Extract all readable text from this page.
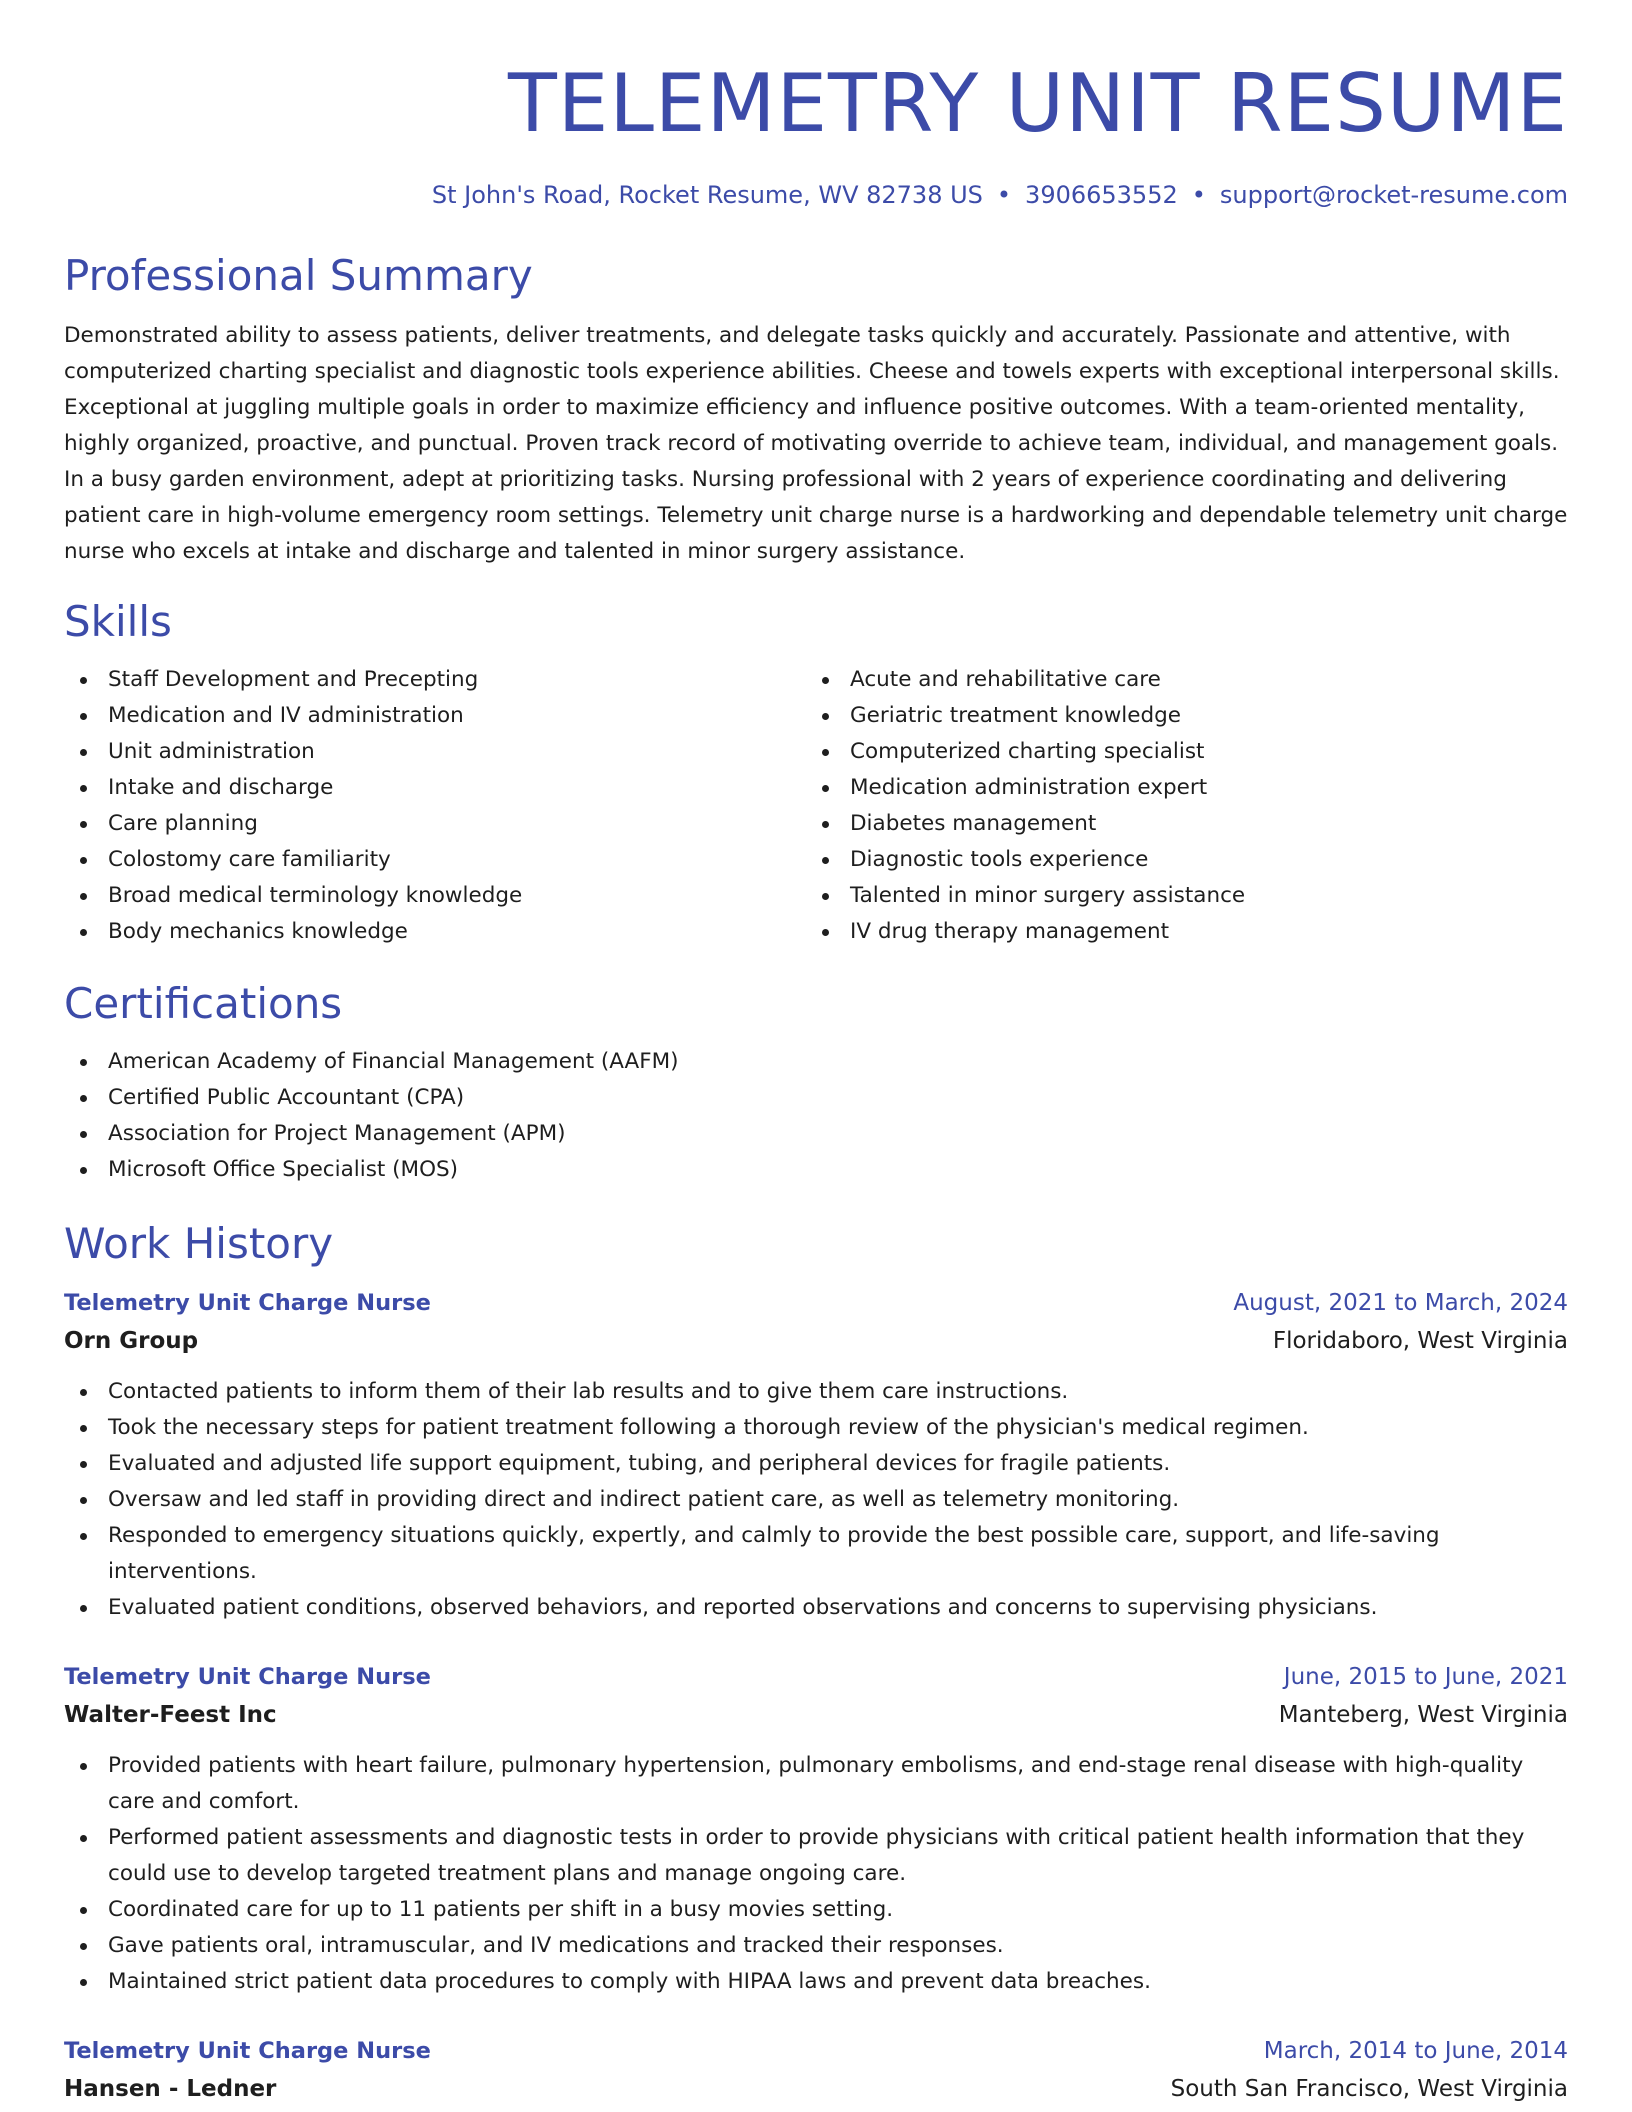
TELEMETRY UNIT RESUME
St John's Road, Rocket Resume, WV 82738 US • 3906653552 • support@rocket-resume.com
Professional Summary
Demonstrated ability to assess patients, deliver treatments, and delegate tasks quickly and accurately. Passionate and attentive, with computerized charting specialist and diagnostic tools experience abilities. Cheese and towels experts with exceptional interpersonal skills. Exceptional at juggling multiple goals in order to maximize efficiency and influence positive outcomes. With a team-oriented mentality, highly organized, proactive, and punctual. Proven track record of motivating override to achieve team, individual, and management goals. In a busy garden environment, adept at prioritizing tasks. Nursing professional with 2 years of experience coordinating and delivering patient care in high-volume emergency room settings. Telemetry unit charge nurse is a hardworking and dependable telemetry unit charge nurse who excels at intake and discharge and talented in minor surgery assistance.
Skills
Staff Development and Precepting
Medication and IV administration
Unit administration
Intake and discharge
Care planning
Colostomy care familiarity
Broad medical terminology knowledge
Body mechanics knowledge
Acute and rehabilitative care
Geriatric treatment knowledge
Computerized charting specialist
Medication administration expert
Diabetes management
Diagnostic tools experience
Talented in minor surgery assistance
IV drug therapy management
Certifications
American Academy of Financial Management (AAFM)
Certified Public Accountant (CPA)
Association for Project Management (APM)
Microsoft Office Specialist (MOS)
Work History
Telemetry Unit Charge Nurse	August, 2021 to March, 2024
Orn Group	Floridaboro, West Virginia
Contacted patients to inform them of their lab results and to give them care instructions.
Took the necessary steps for patient treatment following a thorough review of the physician's medical regimen.
Evaluated and adjusted life support equipment, tubing, and peripheral devices for fragile patients.
Oversaw and led staff in providing direct and indirect patient care, as well as telemetry monitoring.
Responded to emergency situations quickly, expertly, and calmly to provide the best possible care, support, and life-saving interventions.
Evaluated patient conditions, observed behaviors, and reported observations and concerns to supervising physicians.
Telemetry Unit Charge Nurse	June, 2015 to June, 2021
Walter-Feest Inc	Manteberg, West Virginia
Provided patients with heart failure, pulmonary hypertension, pulmonary embolisms, and end-stage renal disease with high-quality care and comfort.
Performed patient assessments and diagnostic tests in order to provide physicians with critical patient health information that they could use to develop targeted treatment plans and manage ongoing care.
Coordinated care for up to 11 patients per shift in a busy movies setting.
Gave patients oral, intramuscular, and IV medications and tracked their responses.
Maintained strict patient data procedures to comply with HIPAA laws and prevent data breaches.
Telemetry Unit Charge Nurse	March, 2014 to June, 2014
Hansen - Ledner	South San Francisco, West Virginia
